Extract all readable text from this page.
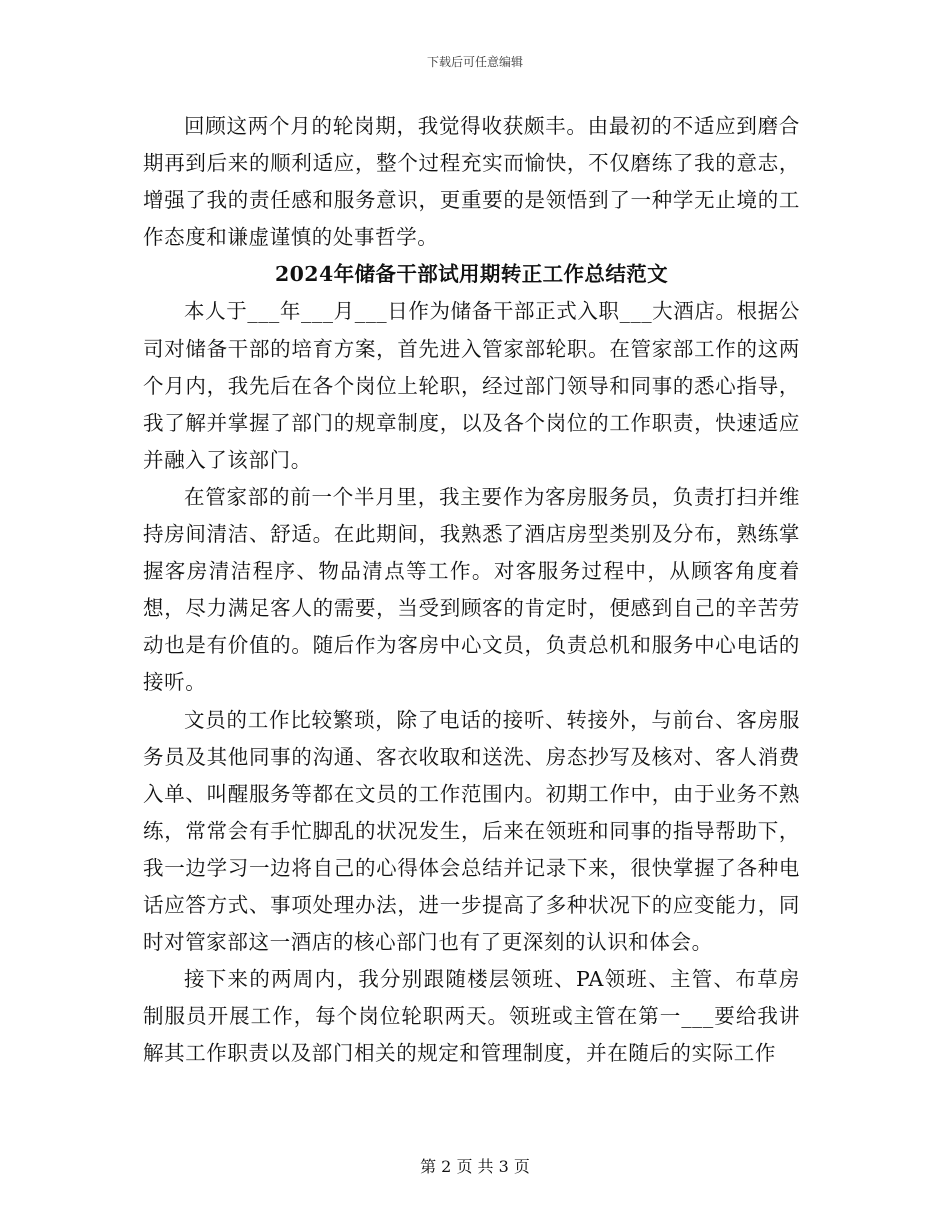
下载后可任意编辑

回顾这两个月的轮岗期，我觉得收获颇丰。由最初的不适应到磨合期再到后来的顺利适应，整个过程充实而愉快，不仅磨练了我的意志，增强了我的责任感和服务意识，更重要的是领悟到了一种学无止境的工作态度和谦虚谨慎的处事哲学。

2024年储备干部试用期转正工作总结范文

本人于___年___月___日作为储备干部正式入职___大酒店。根据公司对储备干部的培育方案，首先进入管家部轮职。在管家部工作的这两个月内，我先后在各个岗位上轮职，经过部门领导和同事的悉心指导，我了解并掌握了部门的规章制度，以及各个岗位的工作职责，快速适应并融入了该部门。

在管家部的前一个半月里，我主要作为客房服务员，负责打扫并维持房间清洁、舒适。在此期间，我熟悉了酒店房型类别及分布，熟练掌握客房清洁程序、物品清点等工作。对客服务过程中，从顾客角度着想，尽力满足客人的需要，当受到顾客的肯定时，便感到自己的辛苦劳动也是有价值的。随后作为客房中心文员，负责总机和服务中心电话的接听。

文员的工作比较繁琐，除了电话的接听、转接外，与前台、客房服务员及其他同事的沟通、客衣收取和送洗、房态抄写及核对、客人消费入单、叫醒服务等都在文员的工作范围内。初期工作中，由于业务不熟练，常常会有手忙脚乱的状况发生，后来在领班和同事的指导帮助下，我一边学习一边将自己的心得体会总结并记录下来，很快掌握了各种电话应答方式、事项处理办法，进一步提高了多种状况下的应变能力，同时对管家部这一酒店的核心部门也有了更深刻的认识和体会。

接下来的两周内，我分别跟随楼层领班、PA领班、主管、布草房制服员开展工作，每个岗位轮职两天。领班或主管在第一___要给我讲解其工作职责以及部门相关的规定和管理制度，并在随后的实际工作

第 2 页 共 3 页
